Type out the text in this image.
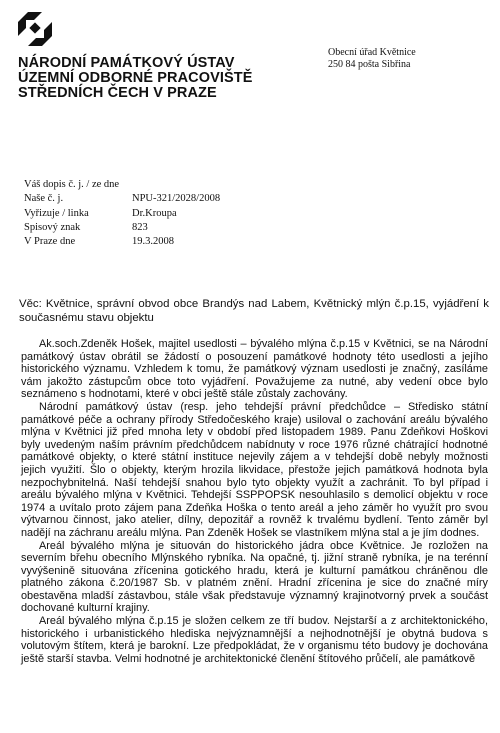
NÁRODNÍ PAMÁTKOVÝ ÚSTAV
ÚZEMNÍ ODBORNÉ PRACOVIŠTĚ
STŘEDNÍCH ČECH V PRAZE
Obecní úřad Květnice
250 84 pošta Sibřina
Váš dopis č. j. / ze dne
Naše č. j.	NPU-321/2028/2008
Vyřizuje / linka	Dr.Kroupa
Spisový znak	823
V Praze dne	19.3.2008
Věc: Květnice, správní obvod obce Brandýs nad Labem, Květnický mlýn č.p.15, vyjádření k současnému stavu objektu

Ak.soch.Zdeněk Hošek, majitel usedlosti – bývalého mlýna č.p.15 v Květnici, se na Národní památkový ústav obrátil se žádostí o posouzení památkové hodnoty této usedlosti a jejího historického významu. Vzhledem k tomu, že památkový význam usedlosti je značný, zasíláme vám jakožto zástupcům obce toto vyjádření. Považujeme za nutné, aby vedení obce bylo seznámeno s hodnotami, které v obci ještě stále zůstaly zachovány.

Národní památkový ústav (resp. jeho tehdejší právní předchůdce – Středisko státní památkové péče a ochrany přírody Středočeského kraje) usiloval o zachování areálu bývalého mlýna v Květnici již před mnoha lety v období před listopadem 1989. Panu Zdeňkovi Hoškovi byly uvedeným naším právním předchůdcem nabídnuty v roce 1976 různé chátrající hodnotné památkové objekty, o které státní instituce nejevily zájem a v tehdejší době nebyly možnosti jejich využití. Šlo o objekty, kterým hrozila likvidace, přestože jejich památková hodnota byla nezpochybnitelná. Naší tehdejší snahou bylo tyto objekty využít a zachránit. To byl případ i areálu bývalého mlýna v Květnici. Tehdejší SSPPOPSK nesouhlasilo s demolicí objektu v roce 1974 a uvítalo proto zájem pana Zdeňka Hoška o tento areál a jeho záměr ho využít pro svou výtvarnou činnost, jako atelier, dílny, depozitář a rovněž k trvalému bydlení. Tento záměr byl nadějí na záchranu areálu mlýna. Pan Zdeněk Hošek se vlastníkem mlýna stal a je jím dodnes.

Areál bývalého mlýna je situován do historického jádra obce Květnice. Je rozložen na severním břehu obecního Mlýnského rybníka. Na opačné, tj. jižní straně rybníka, je na terénní vyvýšenině situována zřícenina gotického hradu, která je kulturní památkou chráněnou dle platného zákona č.20/1987 Sb. v platném znění. Hradní zřícenina je sice do značné míry obestavěna mladší zástavbou, stále však představuje významný krajinotvorný prvek a součást dochované kulturní krajiny.

Areál bývalého mlýna č.p.15 je složen celkem ze tří budov. Nejstarší a z architektonického, historického i urbanistického hlediska nejvýznamnější a nejhodnotnější je obytná budova s volutovým štítem, která je barokní. Lze předpokládat, že v organismu této budovy je dochována ještě starší stavba. Velmi hodnotné je architektonické členění štítového průčelí, ale památkově
